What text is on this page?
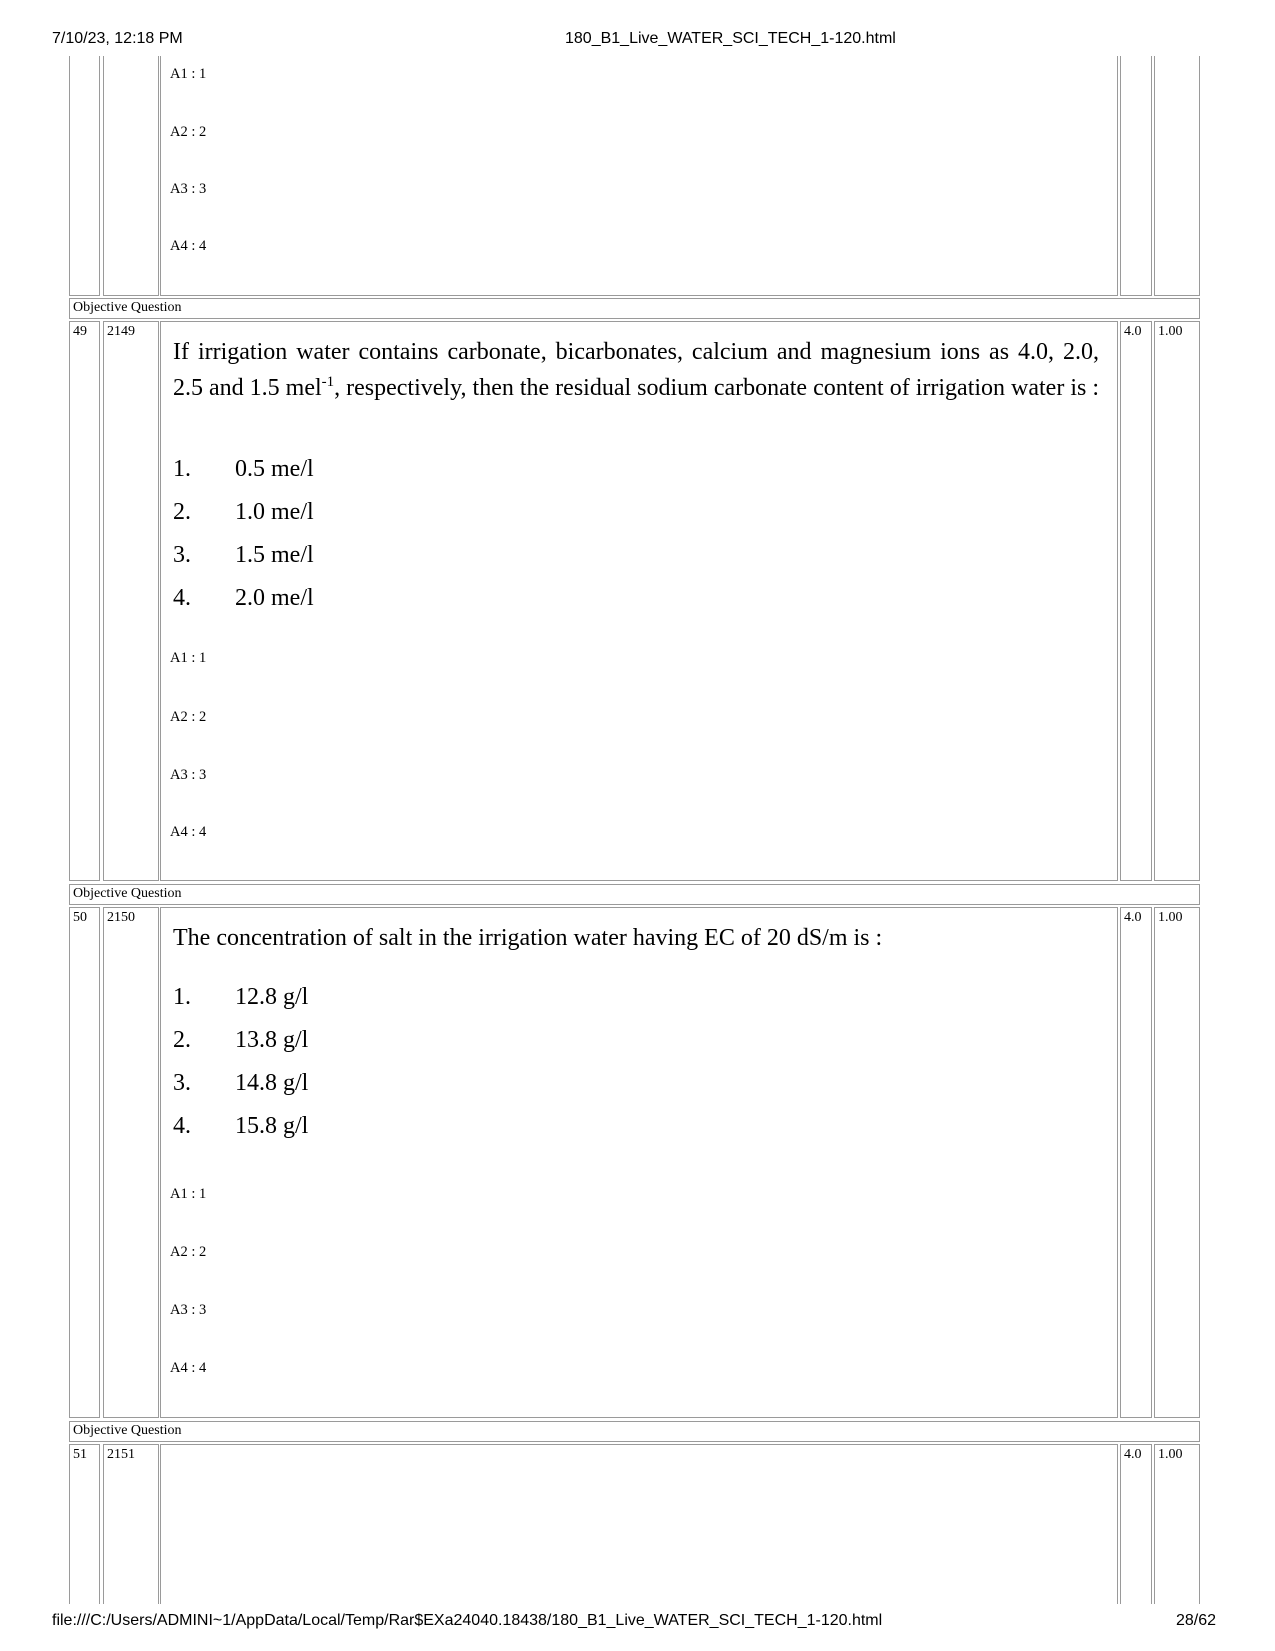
7/10/23, 12:18 PM	180_B1_Live_WATER_SCI_TECH_1-120.html
A1 : 1
A2 : 2
A3 : 3
A4 : 4
Objective Question
49 2149
If irrigation water contains carbonate, bicarbonates, calcium and magnesium ions as 4.0, 2.0, 2.5 and 1.5 mel$^{-1}$, respectively, then the residual sodium carbonate content of irrigation water is :
1. 0.5 me/l
2. 1.0 me/l
3. 1.5 me/l
4. 2.0 me/l
A1 : 1
A2 : 2
A3 : 3
A4 : 4
4.0 1.00
Objective Question
50 2150
The concentration of salt in the irrigation water having EC of 20 dS/m is :
1. 12.8 g/l
2. 13.8 g/l
3. 14.8 g/l
4. 15.8 g/l
A1 : 1
A2 : 2
A3 : 3
A4 : 4
4.0 1.00
Objective Question
51 2151	4.0 1.00
file:///C:/Users/ADMINI~1/AppData/Local/Temp/Rar$EXa24040.18438/180_B1_Live_WATER_SCI_TECH_1-120.html	28/62
